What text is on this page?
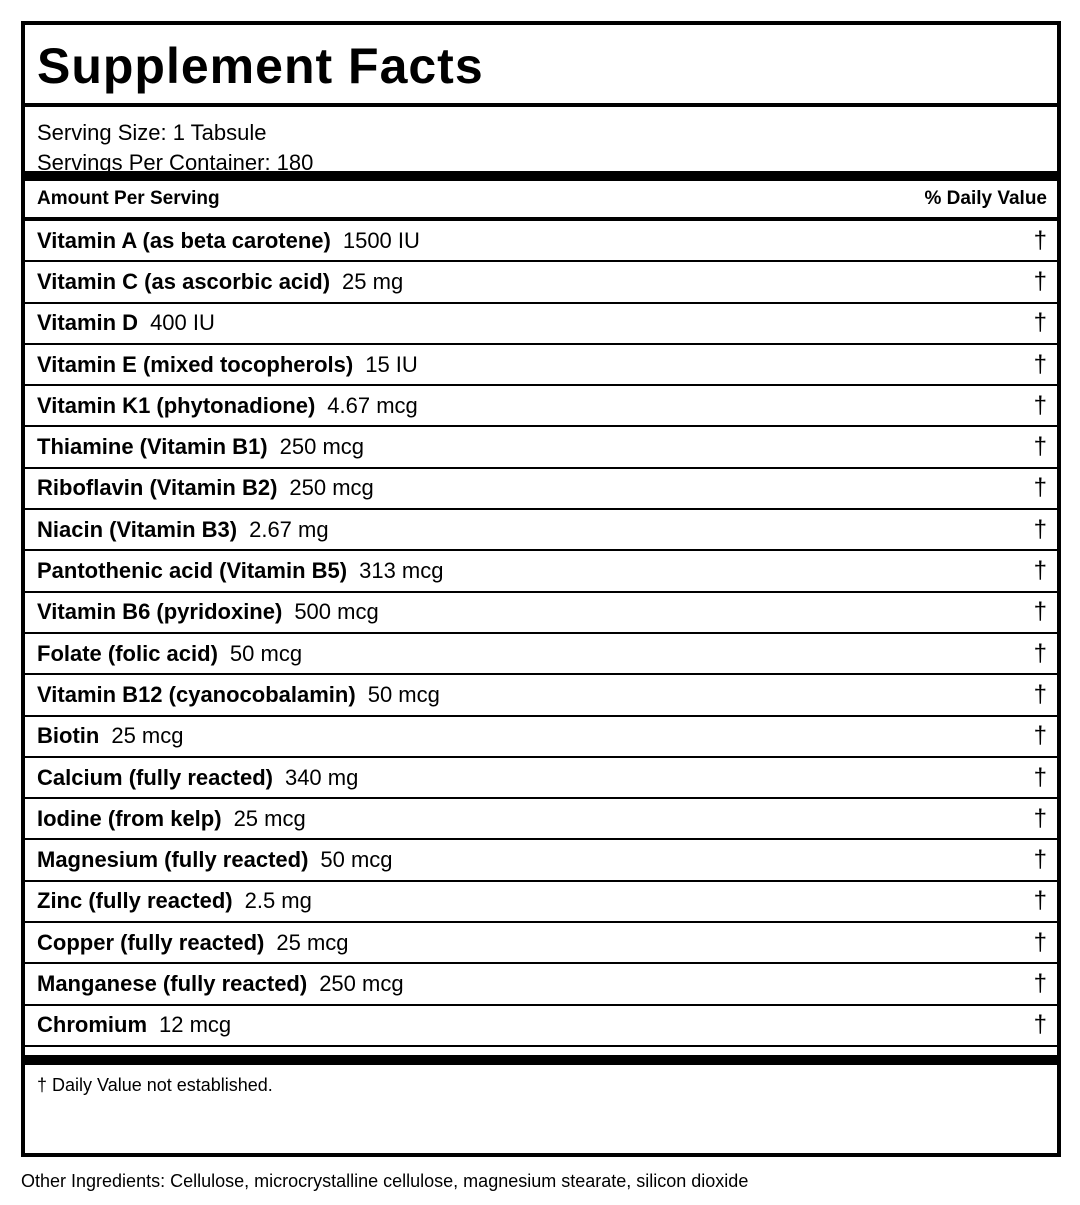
Supplement Facts
Serving Size: 1 Tabsule
Servings Per Container: 180
Amount Per Serving	% Daily Value
Vitamin A (as beta carotene) 1500 IU	†
Vitamin C (as ascorbic acid) 25 mg	†
Vitamin D 400 IU	†
Vitamin E (mixed tocopherols) 15 IU	†
Vitamin K1 (phytonadione) 4.67 mcg	†
Thiamine (Vitamin B1) 250 mcg	†
Riboflavin (Vitamin B2) 250 mcg	†
Niacin (Vitamin B3) 2.67 mg	†
Pantothenic acid (Vitamin B5) 313 mcg	†
Vitamin B6 (pyridoxine) 500 mcg	†
Folate (folic acid) 50 mcg	†
Vitamin B12 (cyanocobalamin) 50 mcg	†
Biotin 25 mcg	†
Calcium (fully reacted) 340 mg	†
Iodine (from kelp) 25 mcg	†
Magnesium (fully reacted) 50 mcg	†
Zinc (fully reacted) 2.5 mg	†
Copper (fully reacted) 25 mcg	†
Manganese (fully reacted) 250 mcg	†
Chromium 12 mcg	†
† Daily Value not established.
Other Ingredients: Cellulose, microcrystalline cellulose, magnesium stearate, silicon dioxide
